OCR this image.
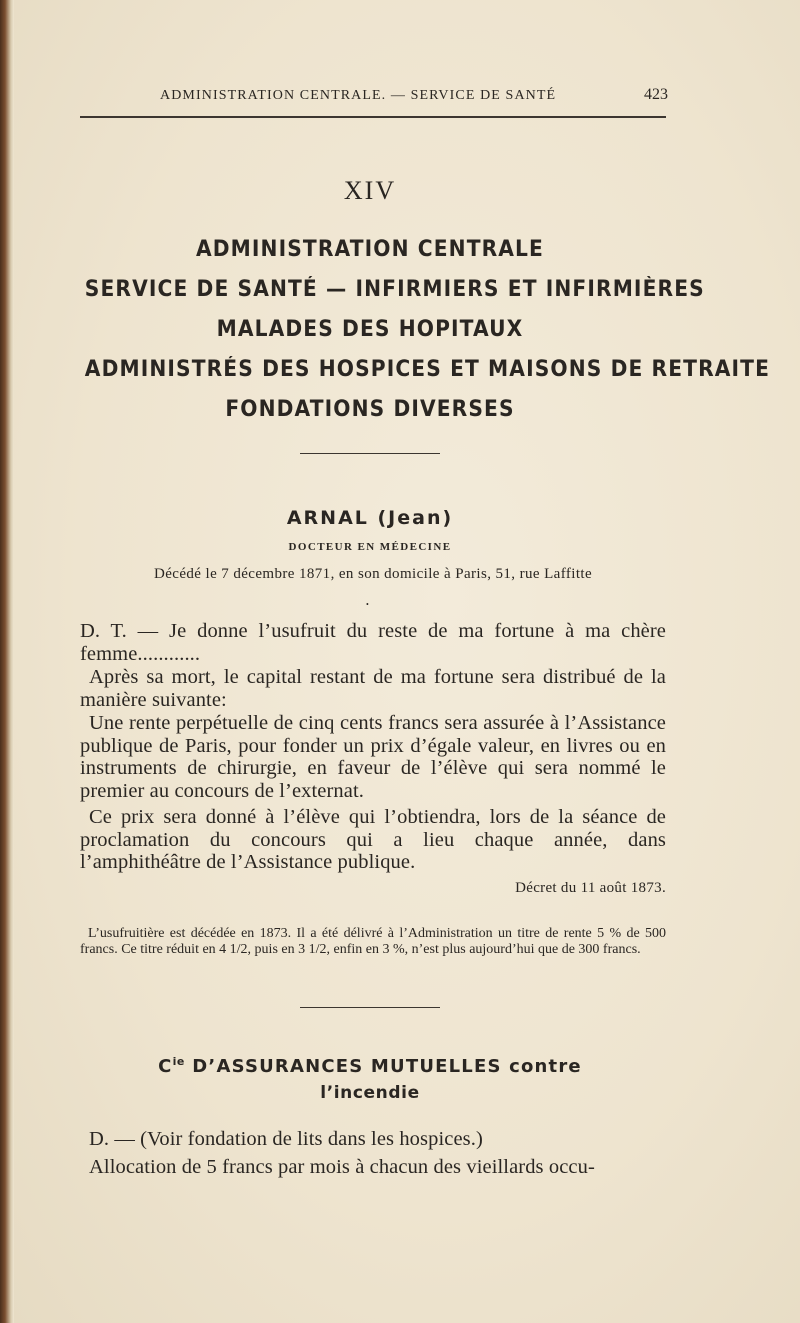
ADMINISTRATION CENTRALE. — SERVICE DE SANTÉ	423
XIV
ADMINISTRATION CENTRALE
SERVICE DE SANTÉ — INFIRMIERS ET INFIRMIÈRES
MALADES DES HOPITAUX
ADMINISTRÉS DES HOSPICES ET MAISONS DE RETRAITE
FONDATIONS DIVERSES
ARNAL (Jean)
DOCTEUR EN MÉDECINE
Décédé le 7 décembre 1871, en son domicile à Paris, 51, rue Laffitte
•
D. T. — Je donne l’usufruit du reste de ma fortune à ma chère femme............
Après sa mort, le capital restant de ma fortune sera distribué de la manière suivante:
Une rente perpétuelle de cinq cents francs sera assurée à l’Assistance publique de Paris, pour fonder un prix d’égale valeur, en livres ou en instruments de chirurgie, en faveur de l’élève qui sera nommé le premier au concours de l’externat.
Ce prix sera donné à l’élève qui l’obtiendra, lors de la séance de proclamation du concours qui a lieu chaque année, dans l’amphithéâtre de l’Assistance publique.
Décret du 11 août 1873.
L’usufruitière est décédée en 1873. Il a été délivré à l’Administration un titre de rente 5 % de 500 francs. Ce titre réduit en 4 1/2, puis en 3 1/2, enfin en 3 %, n’est plus aujourd’hui que de 300 francs.
$C^{ie}$ D’ASSURANCES MUTUELLES contre
l’incendie
D. — (Voir fondation de lits dans les hospices.)
Allocation de 5 francs par mois à chacun des vieillards occu-
